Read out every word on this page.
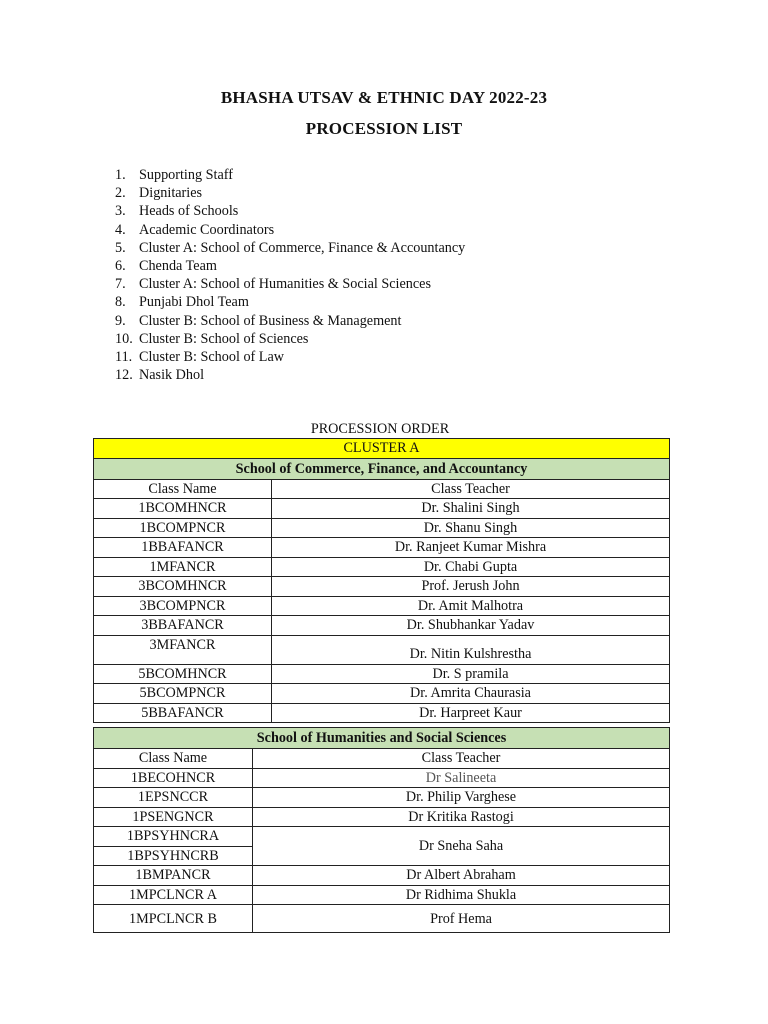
BHASHA UTSAV & ETHNIC DAY 2022-23
PROCESSION LIST
1. Supporting Staff
2. Dignitaries
3. Heads of Schools
4. Academic Coordinators
5. Cluster A: School of Commerce, Finance & Accountancy
6. Chenda Team
7. Cluster A: School of Humanities & Social Sciences
8. Punjabi Dhol Team
9. Cluster B: School of Business & Management
10. Cluster B: School of Sciences
11. Cluster B: School of Law
12. Nasik Dhol
PROCESSION ORDER
CLUSTER A	
School of Commerce, Finance, and Accountancy	
Class Name	Class Teacher
1BCOMHNCR	Dr. Shalini Singh
1BCOMPNCR	Dr. Shanu Singh
1BBAFANCR	Dr. Ranjeet Kumar Mishra
1MFANCR	Dr. Chabi Gupta
3BCOMHNCR	Prof. Jerush John
3BCOMPNCR	Dr. Amit Malhotra
3BBAFANCR	Dr. Shubhankar Yadav
3MFANCR	Dr. Nitin Kulshrestha
5BCOMHNCR	Dr. S pramila
5BCOMPNCR	Dr. Amrita Chaurasia
5BBAFANCR	Dr. Harpreet Kaur
School of Humanities and Social Sciences	
Class Name	Class Teacher
1BECOHNCR	Dr Salineeta
1EPSNCCR	Dr. Philip Varghese
1PSENGNCR	Dr Kritika Rastogi
1BPSYHNCRA	Dr Sneha Saha
1BPSYHNCRB	
1BMPANCR	Dr Albert Abraham
1MPCLNCR A	Dr Ridhima Shukla
1MPCLNCR B	Prof Hema
